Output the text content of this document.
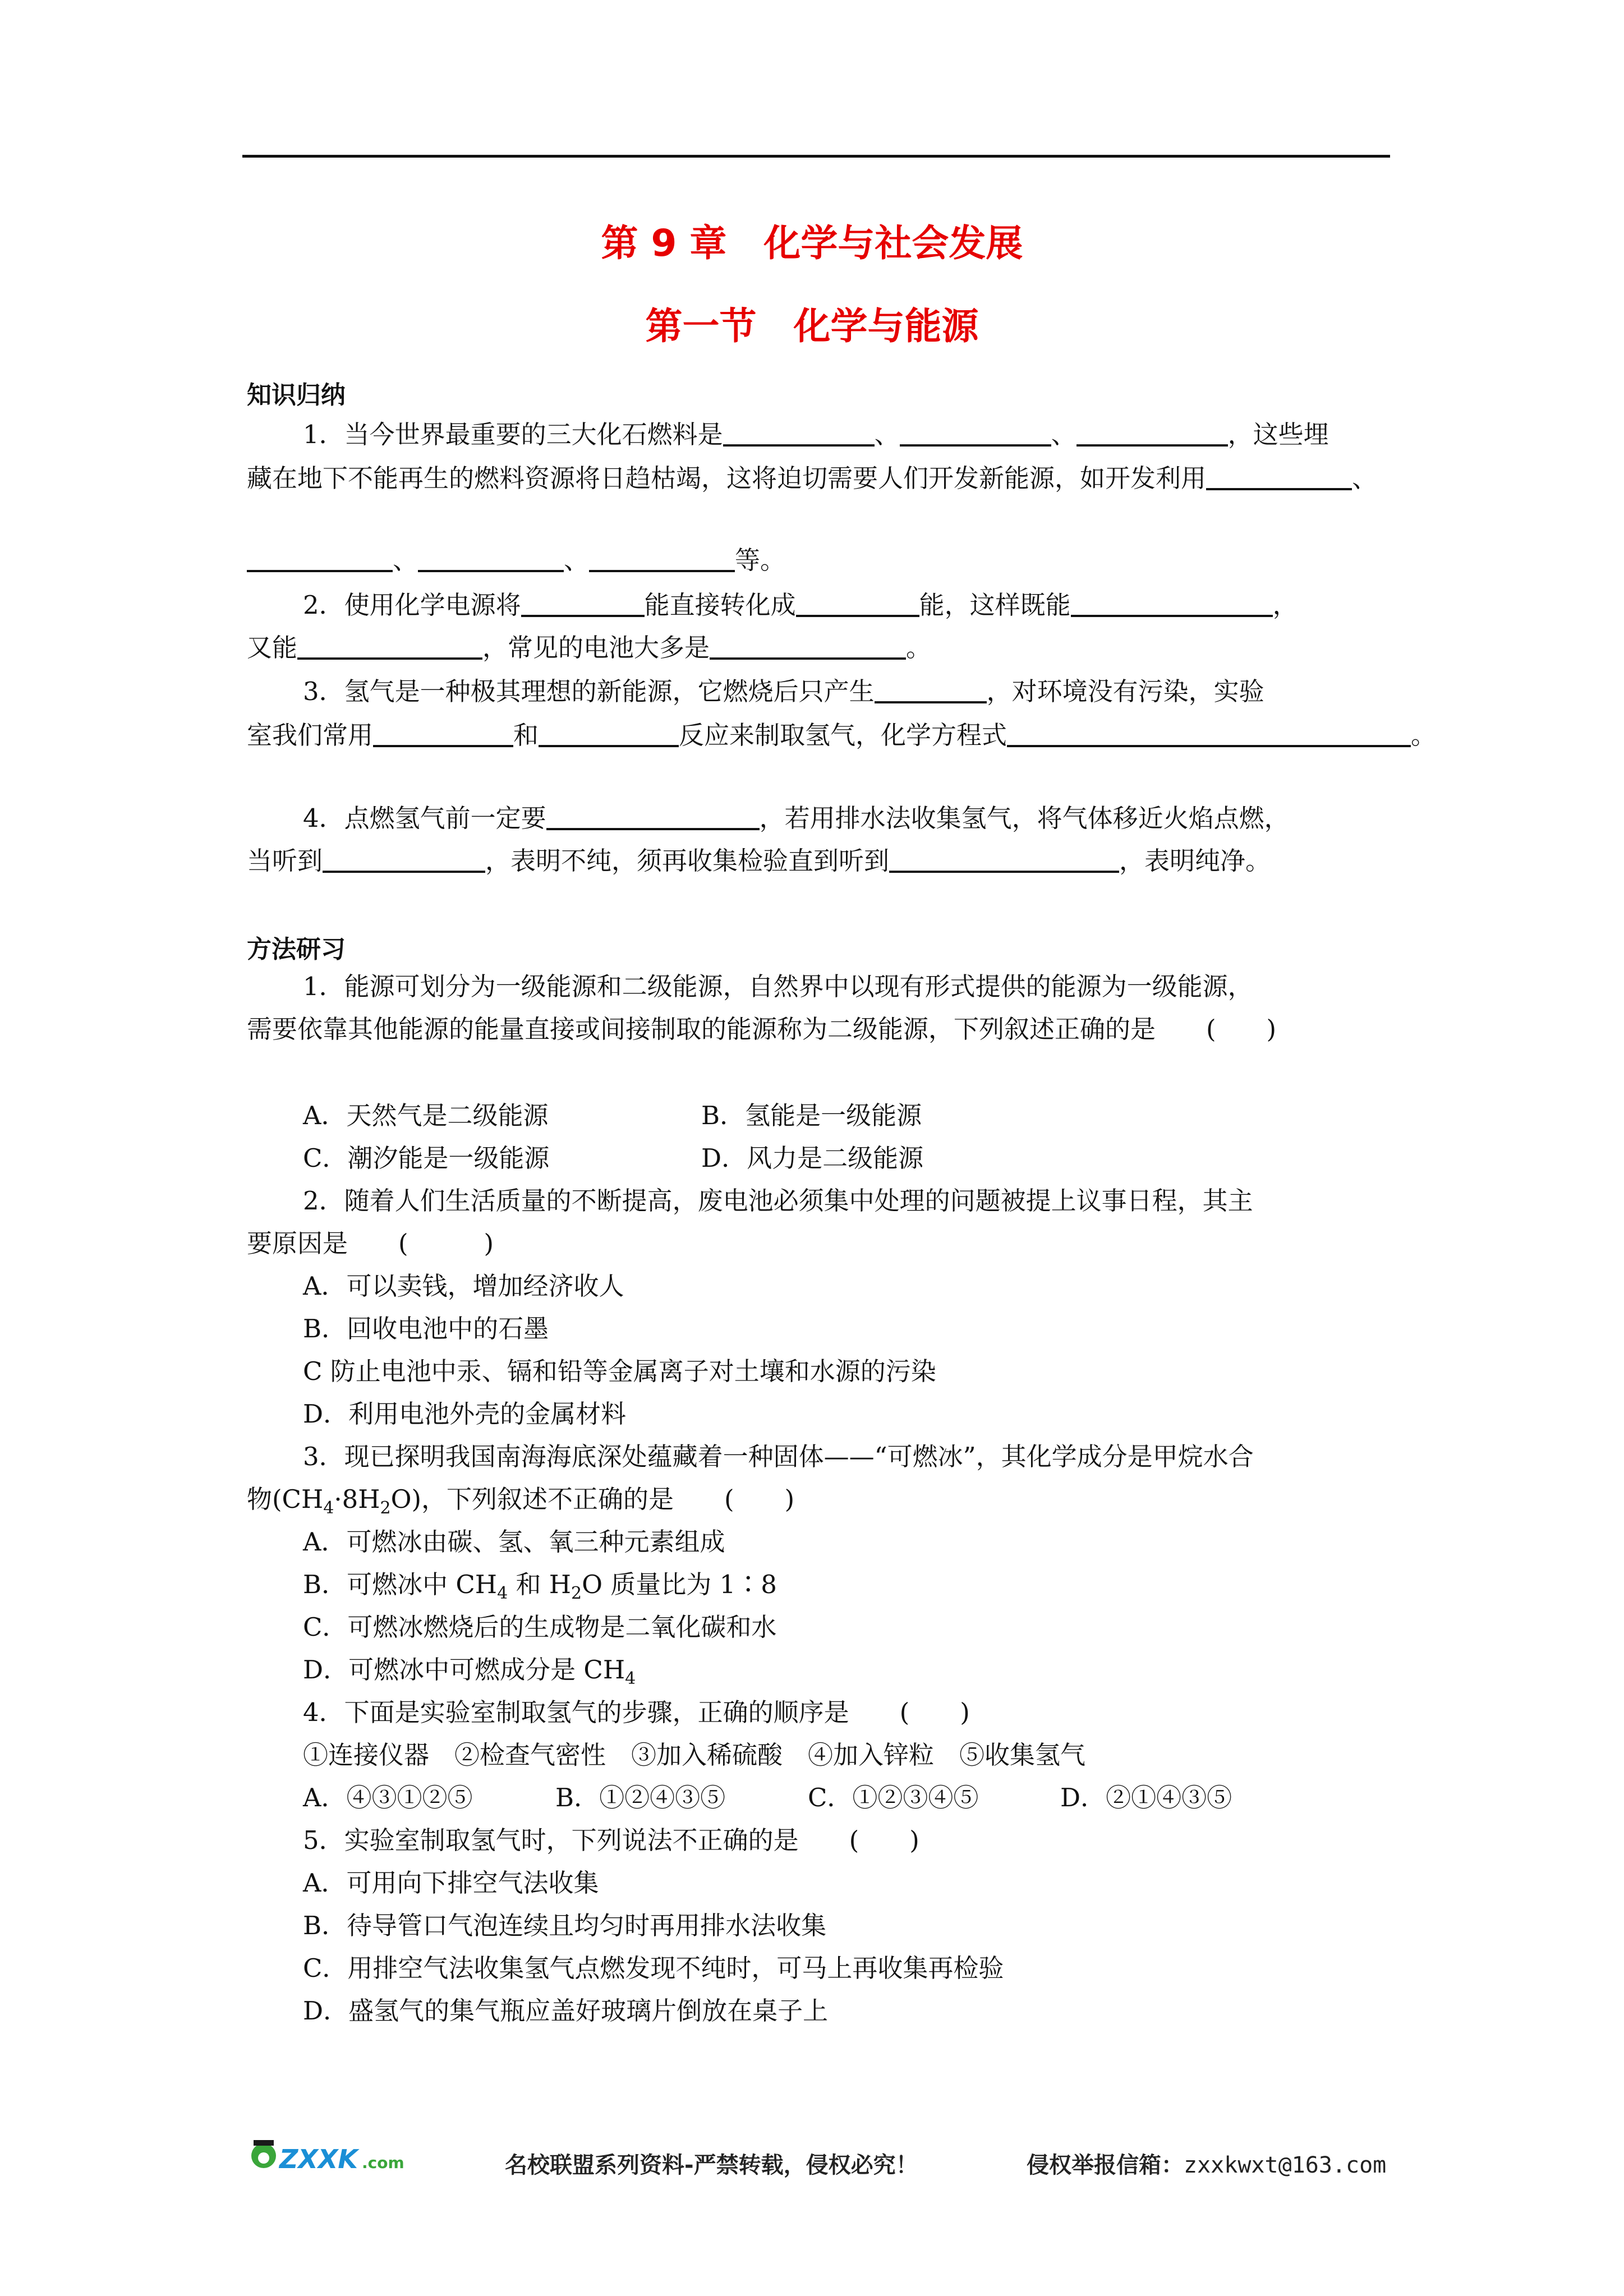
第 9 章　化学与社会发展
第一节　化学与能源
知识归纳
1．当今世界最重要的三大化石燃料是	、	、	，这些埋
藏在地下不能再生的燃料资源将日趋枯竭，这将迫切需要人们开发新能源，如开发利用	、
、	、	等。
2．使用化学电源将	能直接转化成	能，这样既能	，
又能	，常见的电池大多是	。
3．氢气是一种极其理想的新能源，它燃烧后只产生	，对环境没有污染，实验
室我们常用	和	反应来制取氢气，化学方程式	。
4．点燃氢气前一定要	，若用排水法收集氢气，将气体移近火焰点燃，
当听到	，表明不纯，须再收集检验直到听到	，表明纯净。
方法研习
1．能源可划分为一级能源和二级能源，自然界中以现有形式提供的能源为一级能源，
需要依靠其他能源的能量直接或间接制取的能源称为二级能源，下列叙述正确的是　　(　　)
A．天然气是二级能源	B．氢能是一级能源
C．潮汐能是一级能源	D．风力是二级能源
2．随着人们生活质量的不断提高，废电池必须集中处理的问题被提上议事日程，其主
要原因是　　(　　　)
A．可以卖钱，增加经济收人
B．回收电池中的石墨
C 防止电池中汞、镉和铅等金属离子对土壤和水源的污染
D．利用电池外壳的金属材料
3．现已探明我国南海海底深处蕴藏着一种固体——“可燃冰”，其化学成分是甲烷水合
物$(CH_4\cdot 8H_2O)$，下列叙述不正确的是　　(　　)
A．可燃冰由碳、氢、氧三种元素组成
B．可燃冰中 $CH_4$ 和 $H_2O$ 质量比为 1∶8
C．可燃冰燃烧后的生成物是二氧化碳和水
D．可燃冰中可燃成分是 $CH_4$
4．下面是实验室制取氢气的步骤，正确的顺序是　　(　　)
①连接仪器　②检查气密性　③加入稀硫酸　④加入锌粒　⑤收集氢气
A．④③①②⑤	B．①②④③⑤	C．①②③④⑤	D．②①④③⑤
5．实验室制取氢气时，下列说法不正确的是　　(　　)
A．可用向下排空气法收集
B．待导管口气泡连续且均匀时再用排水法收集
C．用排空气法收集氢气点燃发现不纯时，可马上再收集再检验
D．盛氢气的集气瓶应盖好玻璃片倒放在桌子上
ZXXK .com	名校联盟系列资料-严禁转载，侵权必究！	侵权举报信箱：zxxkwxt@163.com
